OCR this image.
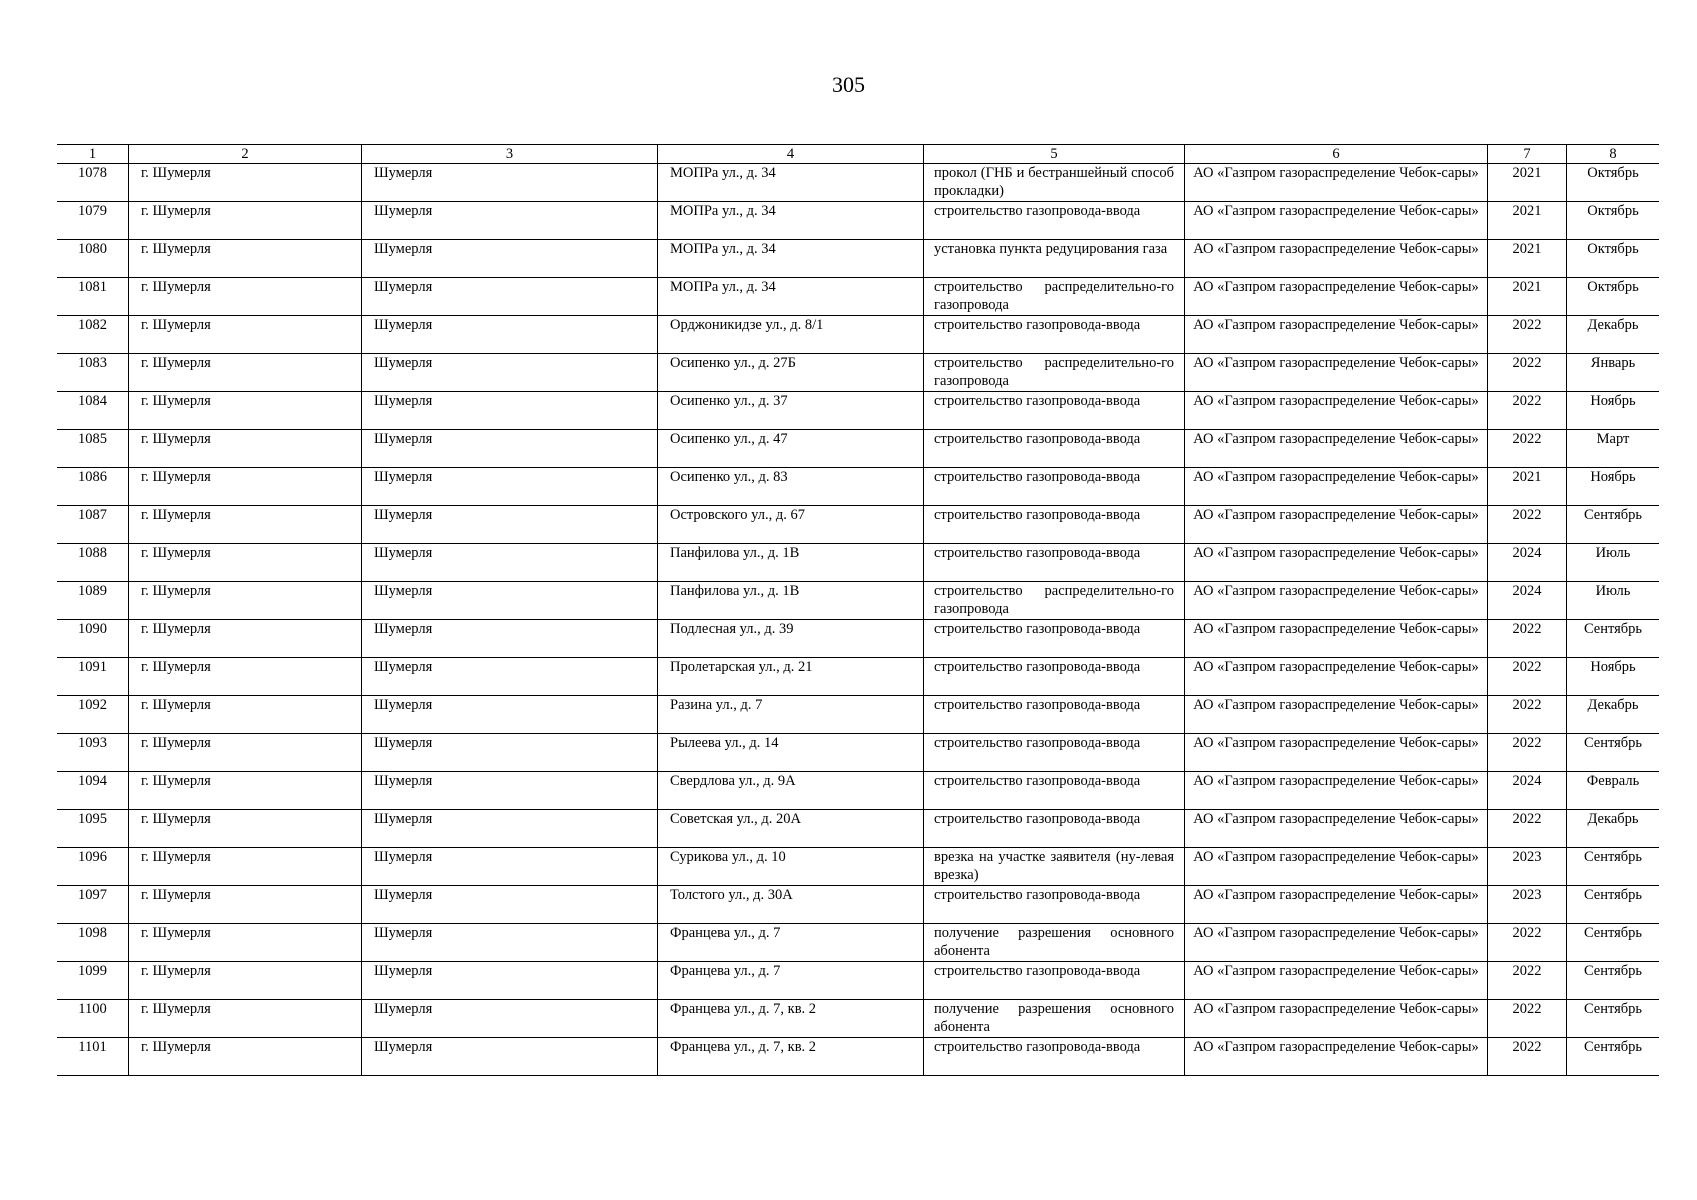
305
1	2	3	4	5	6	7	8
1078	г. Шумерля	Шумерля	МОПРа ул., д. 34	прокол (ГНБ и бестраншейный способ прокладки)	АО «Газпром газораспределение Чебок-сары»	2021	Октябрь
1079	г. Шумерля	Шумерля	МОПРа ул., д. 34	строительство газопровода-ввода	АО «Газпром газораспределение Чебок-сары»	2021	Октябрь
1080	г. Шумерля	Шумерля	МОПРа ул., д. 34	установка пункта редуцирования газа	АО «Газпром газораспределение Чебок-сары»	2021	Октябрь
1081	г. Шумерля	Шумерля	МОПРа ул., д. 34	строительство распределительно-го газопровода	АО «Газпром газораспределение Чебок-сары»	2021	Октябрь
1082	г. Шумерля	Шумерля	Орджоникидзе ул., д. 8/1	строительство газопровода-ввода	АО «Газпром газораспределение Чебок-сары»	2022	Декабрь
1083	г. Шумерля	Шумерля	Осипенко ул., д. 27Б	строительство распределительно-го газопровода	АО «Газпром газораспределение Чебок-сары»	2022	Январь
1084	г. Шумерля	Шумерля	Осипенко ул., д. 37	строительство газопровода-ввода	АО «Газпром газораспределение Чебок-сары»	2022	Ноябрь
1085	г. Шумерля	Шумерля	Осипенко ул., д. 47	строительство газопровода-ввода	АО «Газпром газораспределение Чебок-сары»	2022	Март
1086	г. Шумерля	Шумерля	Осипенко ул., д. 83	строительство газопровода-ввода	АО «Газпром газораспределение Чебок-сары»	2021	Ноябрь
1087	г. Шумерля	Шумерля	Островского ул., д. 67	строительство газопровода-ввода	АО «Газпром газораспределение Чебок-сары»	2022	Сентябрь
1088	г. Шумерля	Шумерля	Панфилова ул., д. 1В	строительство газопровода-ввода	АО «Газпром газораспределение Чебок-сары»	2024	Июль
1089	г. Шумерля	Шумерля	Панфилова ул., д. 1В	строительство распределительно-го газопровода	АО «Газпром газораспределение Чебок-сары»	2024	Июль
1090	г. Шумерля	Шумерля	Подлесная ул., д. 39	строительство газопровода-ввода	АО «Газпром газораспределение Чебок-сары»	2022	Сентябрь
1091	г. Шумерля	Шумерля	Пролетарская ул., д. 21	строительство газопровода-ввода	АО «Газпром газораспределение Чебок-сары»	2022	Ноябрь
1092	г. Шумерля	Шумерля	Разина ул., д. 7	строительство газопровода-ввода	АО «Газпром газораспределение Чебок-сары»	2022	Декабрь
1093	г. Шумерля	Шумерля	Рылеева ул., д. 14	строительство газопровода-ввода	АО «Газпром газораспределение Чебок-сары»	2022	Сентябрь
1094	г. Шумерля	Шумерля	Свердлова ул., д. 9А	строительство газопровода-ввода	АО «Газпром газораспределение Чебок-сары»	2024	Февраль
1095	г. Шумерля	Шумерля	Советская ул., д. 20А	строительство газопровода-ввода	АО «Газпром газораспределение Чебок-сары»	2022	Декабрь
1096	г. Шумерля	Шумерля	Сурикова ул., д. 10	врезка на участке заявителя (ну-левая врезка)	АО «Газпром газораспределение Чебок-сары»	2023	Сентябрь
1097	г. Шумерля	Шумерля	Толстого ул., д. 30А	строительство газопровода-ввода	АО «Газпром газораспределение Чебок-сары»	2023	Сентябрь
1098	г. Шумерля	Шумерля	Францева ул., д. 7	получение разрешения основного абонента	АО «Газпром газораспределение Чебок-сары»	2022	Сентябрь
1099	г. Шумерля	Шумерля	Францева ул., д. 7	строительство газопровода-ввода	АО «Газпром газораспределение Чебок-сары»	2022	Сентябрь
1100	г. Шумерля	Шумерля	Францева ул., д. 7, кв. 2	получение разрешения основного абонента	АО «Газпром газораспределение Чебок-сары»	2022	Сентябрь
1101	г. Шумерля	Шумерля	Францева ул., д. 7, кв. 2	строительство газопровода-ввода	АО «Газпром газораспределение Чебок-сары»	2022	Сентябрь
